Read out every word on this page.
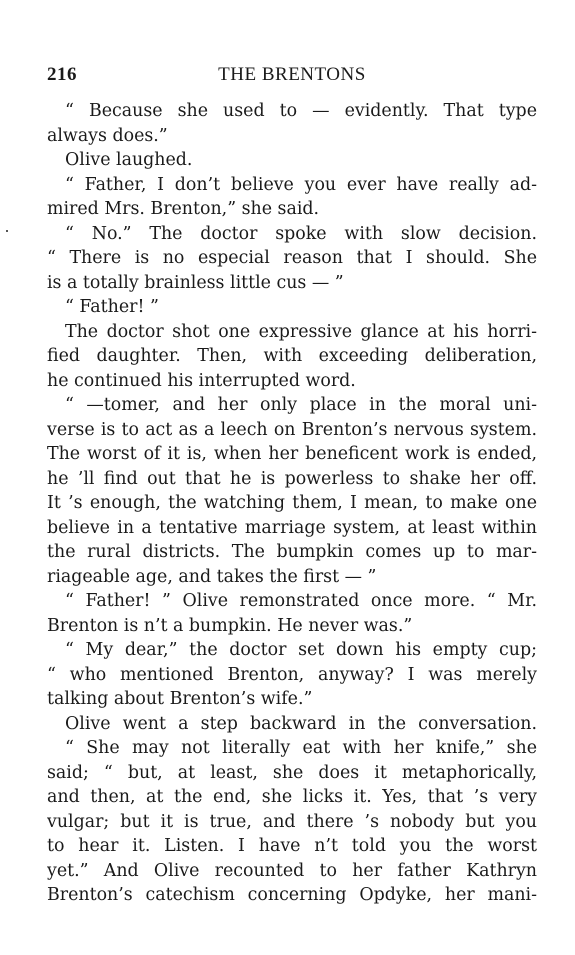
216	THE BRENTONS
“ Because she used to — evidently. That type
always does.”
Olive laughed.
“ Father, I don’t believe you ever have really ad-
mired Mrs. Brenton,” she said.
“ No.” The doctor spoke with slow decision.
“ There is no especial reason that I should. She
is a totally brainless little cus — ”
“ Father! ”
The doctor shot one expressive glance at his horri-
fied daughter. Then, with exceeding deliberation,
he continued his interrupted word.
“ —tomer, and her only place in the moral uni-
verse is to act as a leech on Brenton’s nervous system.
The worst of it is, when her beneficent work is ended,
he ’ll find out that he is powerless to shake her off.
It ’s enough, the watching them, I mean, to make one
believe in a tentative marriage system, at least within
the rural districts. The bumpkin comes up to mar-
riageable age, and takes the first — ”
“ Father! ” Olive remonstrated once more. “ Mr.
Brenton is n’t a bumpkin. He never was.”
“ My dear,” the doctor set down his empty cup;
“ who mentioned Brenton, anyway? I was merely
talking about Brenton’s wife.”
Olive went a step backward in the conversation.
“ She may not literally eat with her knife,” she
said; “ but, at least, she does it metaphorically,
and then, at the end, she licks it. Yes, that ’s very
vulgar; but it is true, and there ’s nobody but you
to hear it. Listen. I have n’t told you the worst
yet.” And Olive recounted to her father Kathryn
Brenton’s catechism concerning Opdyke, her mani-
